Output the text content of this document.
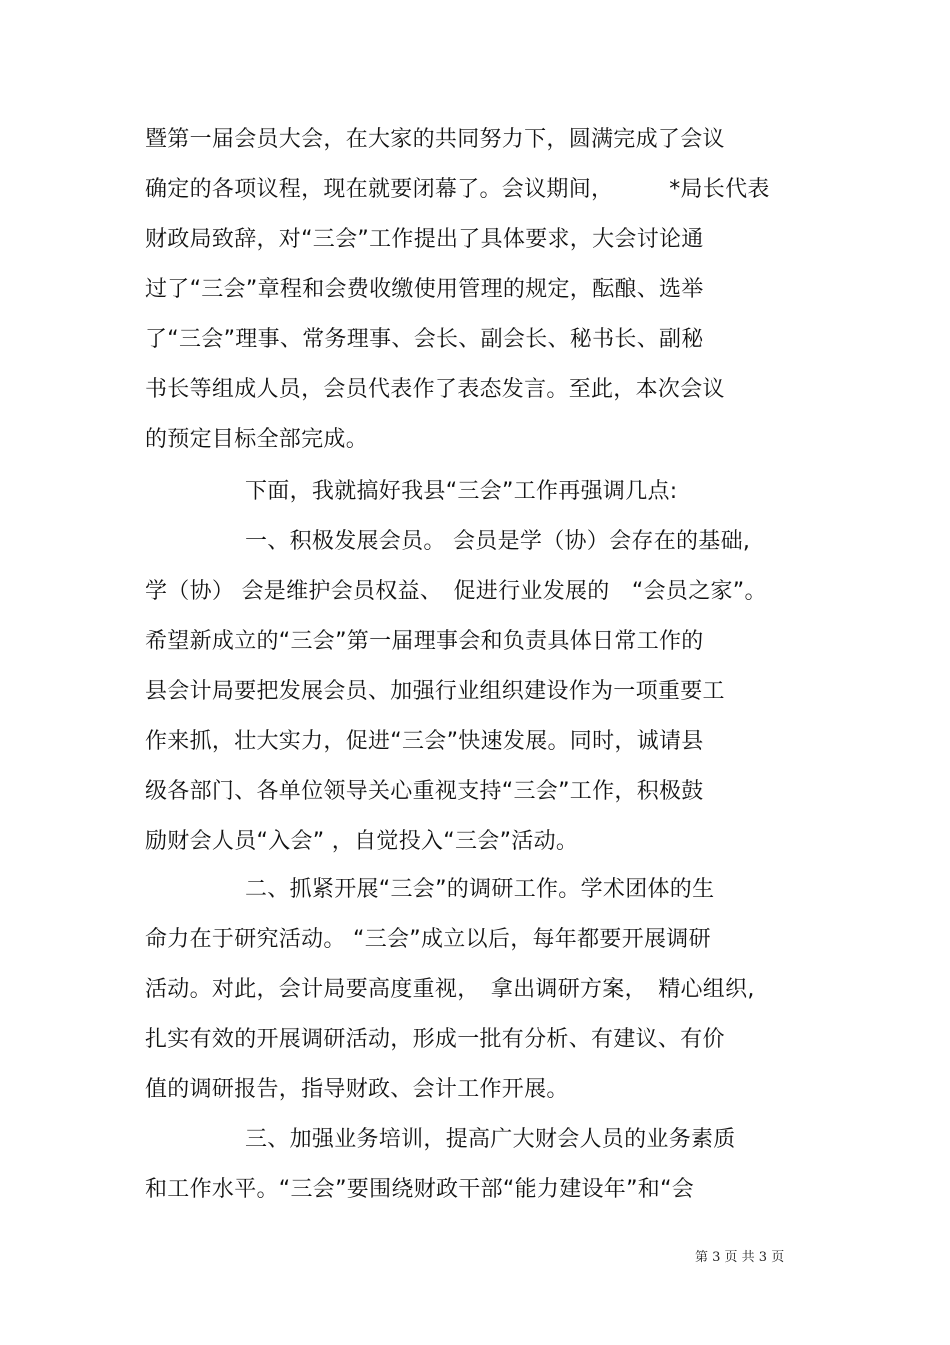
暨第一届会员大会，在大家的共同努力下，圆满完成了会议
确定的各项议程，现在就要闭幕了。会议期间，　　　*局长代表
财政局致辞，对“三会”工作提出了具体要求，大会讨论通
过了“三会”章程和会费收缴使用管理的规定，酝酿、选举
了“三会”理事、常务理事、会长、副会长、秘书长、副秘
书长等组成人员，会员代表作了表态发言。至此，本次会议
的预定目标全部完成。
下面，我就搞好我县“三会”工作再强调几点:
一、积极发展会员。 会员是学（协）会存在的基础,
学（协） 会是维护会员权益、　促进行业发展的　“会员之家”。
希望新成立的“三会”第一届理事会和负责具体日常工作的
县会计局要把发展会员、加强行业组织建设作为一项重要工
作来抓，壮大实力，促进“三会”快速发展。同时，诚请县
级各部门、各单位领导关心重视支持“三会”工作，积极鼓
励财会人员“入会” ，自觉投入“三会”活动。
二、抓紧开展“三会”的调研工作。学术团体的生
命力在于研究活动。 “三会”成立以后，每年都要开展调研
活动。对此，会计局要高度重视，　拿出调研方案，　精心组织,
扎实有效的开展调研活动，形成一批有分析、有建议、有价
值的调研报告，指导财政、会计工作开展。
三、加强业务培训，提高广大财会人员的业务素质
和工作水平。“三会”要围绕财政干部“能力建设年”和“会
第 3 页 共 3 页
